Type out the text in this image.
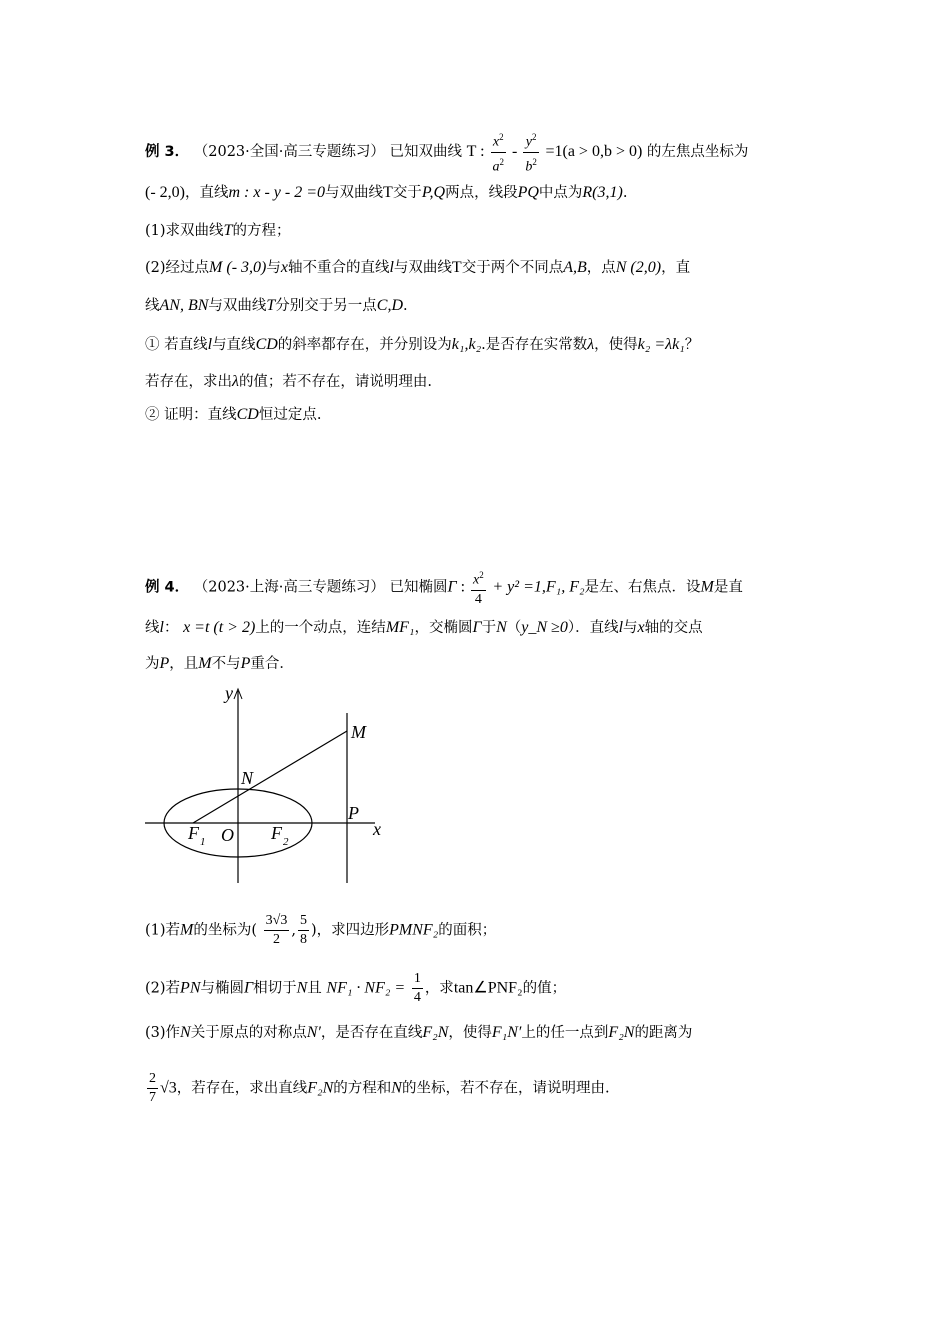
例 3． （2023·全国·高三专题练习） 已知双曲线 T : $\frac{x^2}{a^2} - \frac{y^2}{b^2} =1(a > 0,b > 0)$ 的左焦点坐标为
(- 2,0)，直线m : x - y - 2 =0与双曲线T交于P,Q两点，线段PQ中点为R(3,1).
(1)求双曲线T的方程；
(2)经过点M (- 3,0)与x轴不重合的直线l与双曲线T交于两个不同点A,B，点N (2,0)，直
线AN, BN与双曲线T分别交于另一点C,D.
① 若直线l与直线CD的斜率都存在，并分别设为k₁,k₂.是否存在实常数λ，使得k₂ =λk₁？
若存在，求出λ的值；若不存在，请说明理由.
② 证明：直线CD恒过定点.
例 4． （2023·上海·高三专题练习） 已知椭圆Γ : $\frac{x^2}{4} + y^2 =1,F_1$, F₂是左、右焦点．设M是直
线l： x =t (t > 2)上的一个动点，连结MF₁，交椭圆Γ于N（y_N ≥0）．直线l与x轴的交点
为P，且M不与P重合．
y
x
M
N
P
F 1 O F 2
(1)若M的坐标为( $\frac{3√3}{2}$ , $\frac{5}{8}$ )，求四边形PMNF₂的面积；
(2)若PN与椭圆Γ相切于N且 $NF_1 \cdot NF_2 = \frac{1}{4}$ ，求tan∠PNF₂的值；
(3)作N关于原点的对称点N′，是否存在直线F₂N，使得F₁N′上的任一点到F₂N的距离为
$\frac{2}{7} √3$，若存在，求出直线F₂N的方程和N的坐标，若不存在，请说明理由.
